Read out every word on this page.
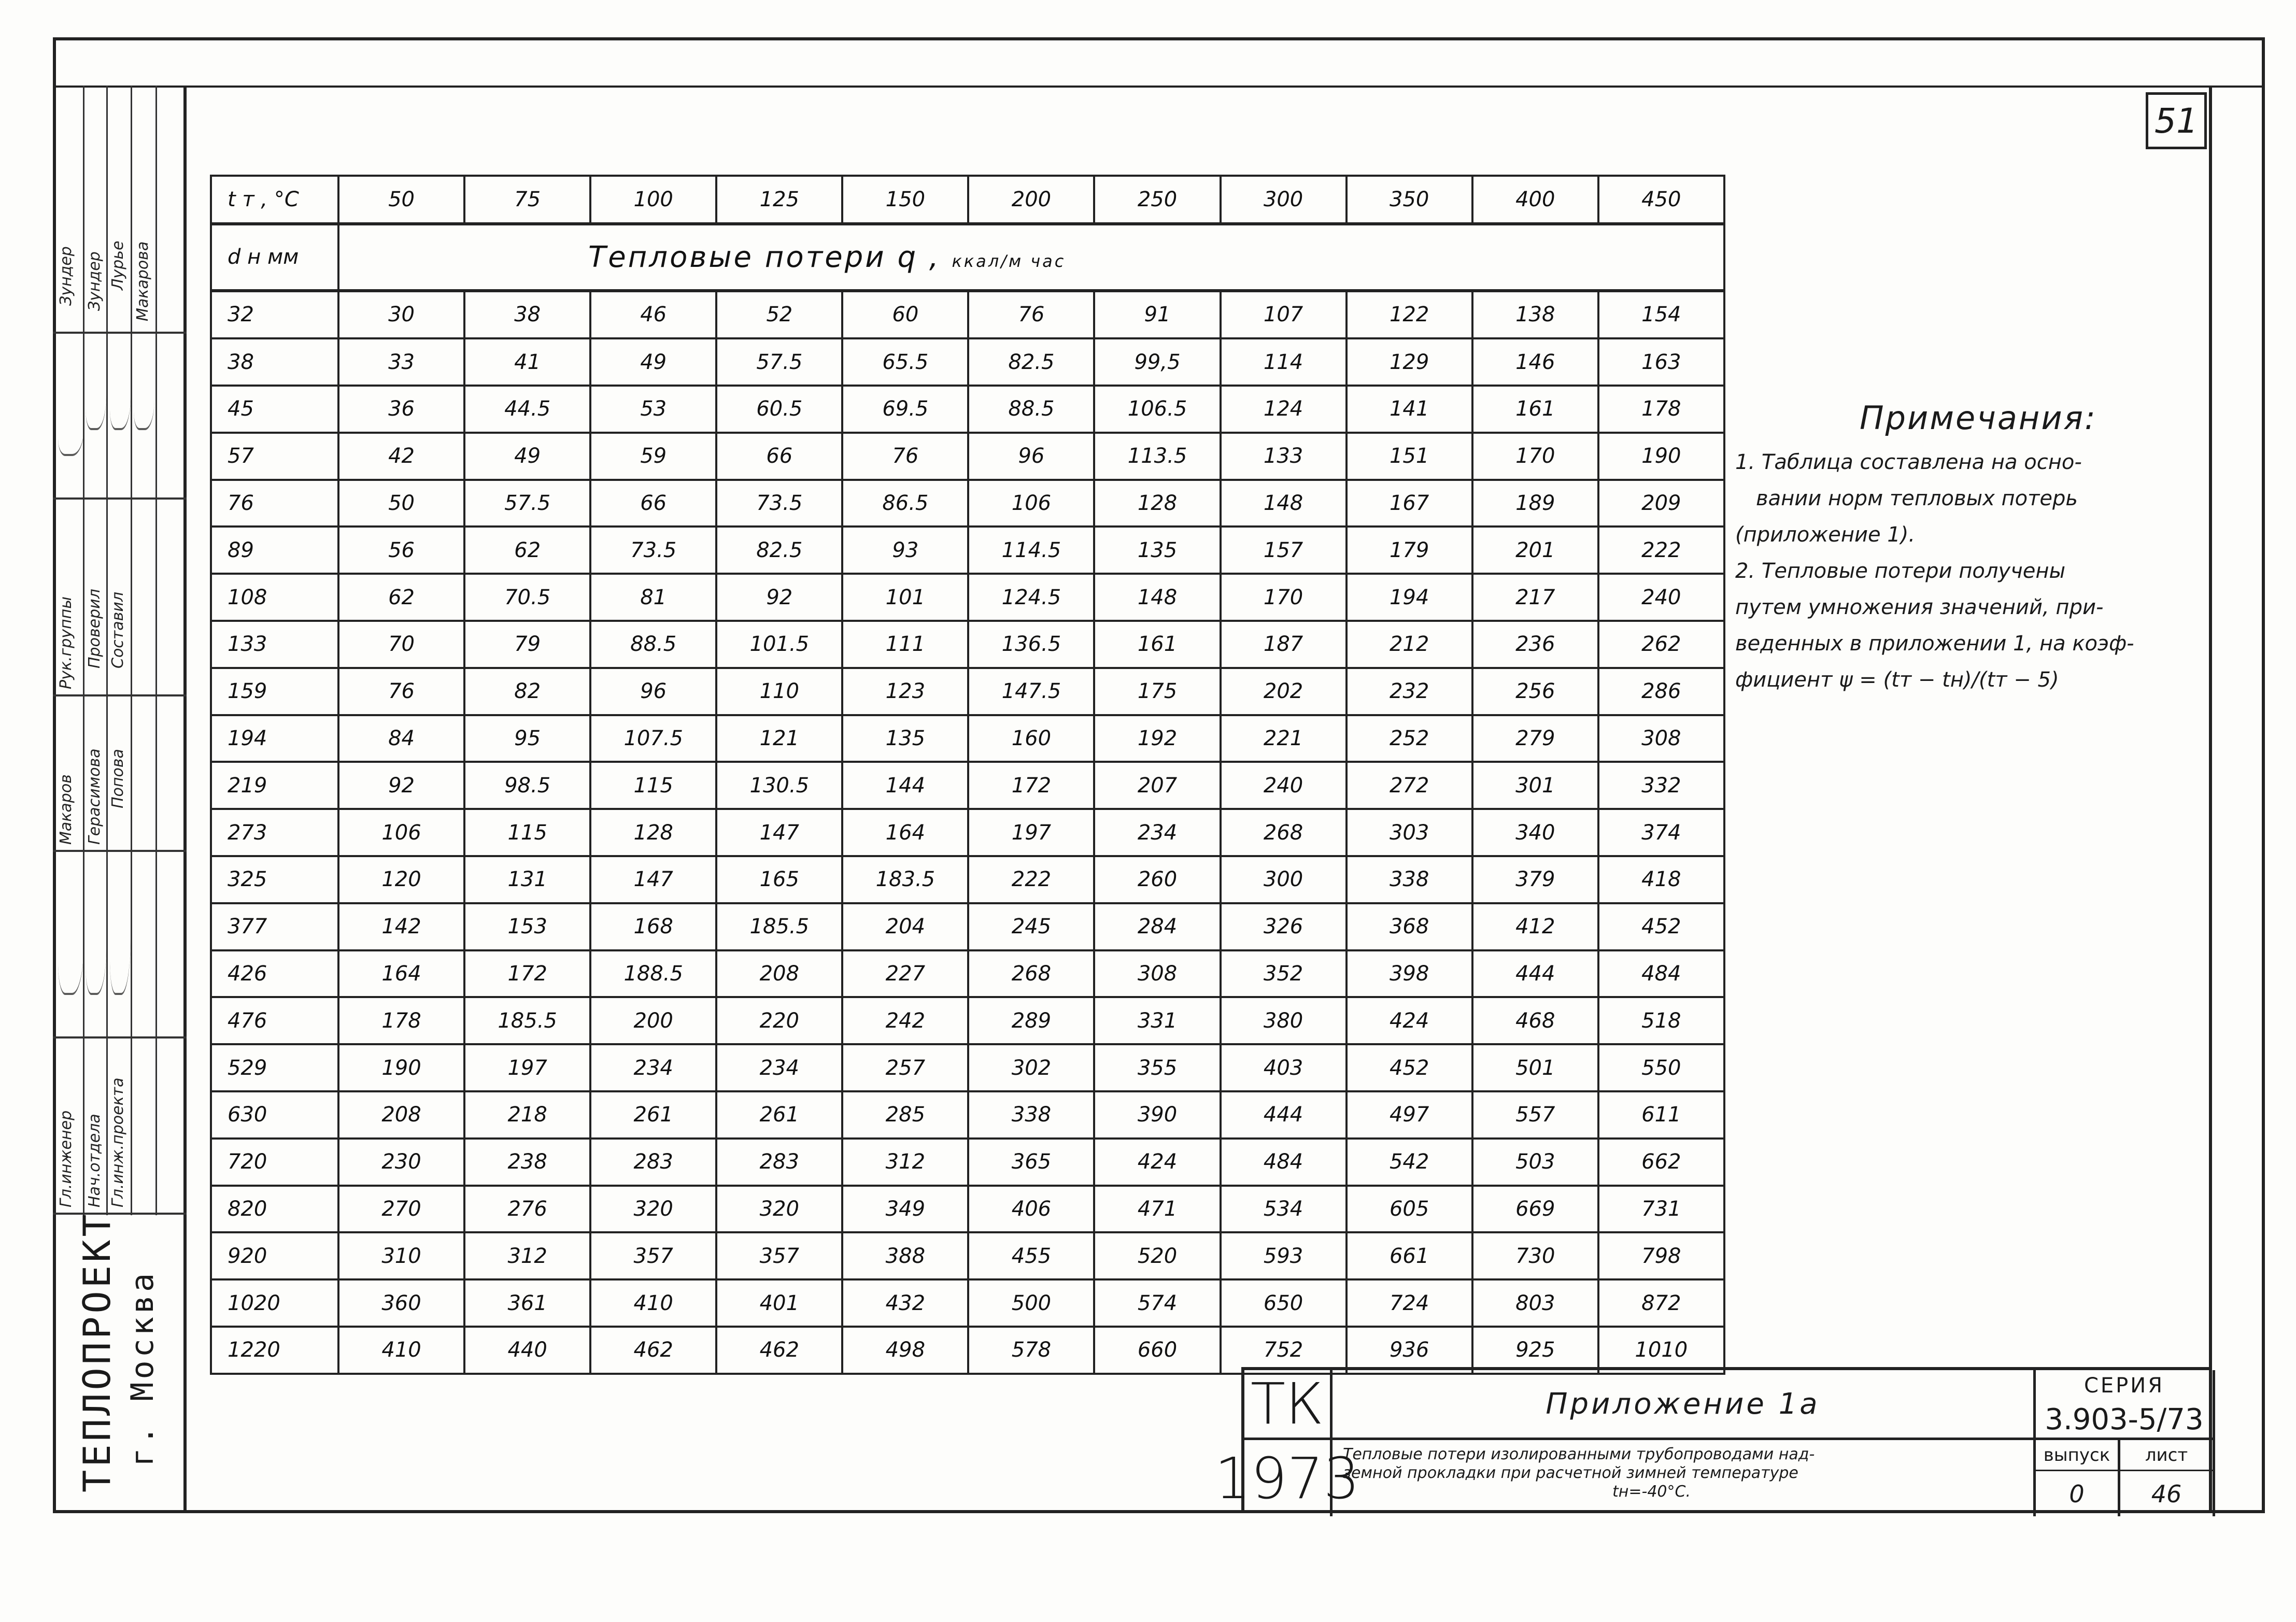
Зундер Зундер Лурье Макарова
Рук.группы Проверил Составил
Макаров Герасимова Попова
Гл.инженер Нач.отдела Гл.инж.проекта
ТЕПЛОПРОЕКТ г. Москва
51
t т , °C	50	75	100	125	150	200	250	300	350	400	450
d н мм	Тепловые потери q , ккал/м час										
32	30	38	46	52	60	76	91	107	122	138	154
38	33	41	49	57.5	65.5	82.5	99,5	114	129	146	163
45	36	44.5	53	60.5	69.5	88.5	106.5	124	141	161	178
57	42	49	59	66	76	96	113.5	133	151	170	190
76	50	57.5	66	73.5	86.5	106	128	148	167	189	209
89	56	62	73.5	82.5	93	114.5	135	157	179	201	222
108	62	70.5	81	92	101	124.5	148	170	194	217	240
133	70	79	88.5	101.5	111	136.5	161	187	212	236	262
159	76	82	96	110	123	147.5	175	202	232	256	286
194	84	95	107.5	121	135	160	192	221	252	279	308
219	92	98.5	115	130.5	144	172	207	240	272	301	332
273	106	115	128	147	164	197	234	268	303	340	374
325	120	131	147	165	183.5	222	260	300	338	379	418
377	142	153	168	185.5	204	245	284	326	368	412	452
426	164	172	188.5	208	227	268	308	352	398	444	484
476	178	185.5	200	220	242	289	331	380	424	468	518
529	190	197	234	234	257	302	355	403	452	501	550
630	208	218	261	261	285	338	390	444	497	557	611
720	230	238	283	283	312	365	424	484	542	503	662
820	270	276	320	320	349	406	471	534	605	669	731
920	310	312	357	357	388	455	520	593	661	730	798
1020	360	361	410	401	432	500	574	650	724	803	872
1220	410	440	462	462	498	578	660	752	936	925	1010
Примечания:
1. Таблица составлена на осно-
вании норм тепловых потерь
(приложение 1).
2. Тепловые потери получены
путем умножения значений, при-
веденных в приложении 1, на коэф-
фициент ψ = (tт − tн)/(tт − 5)
ТК
1973
Приложение 1а
Тепловые потери изолированными трубопроводами над-
земной прокладки при расчетной зимней температуре
tн=-40°С.
СЕРИЯ
3.903-5/73
выпуск
0
лист
46
